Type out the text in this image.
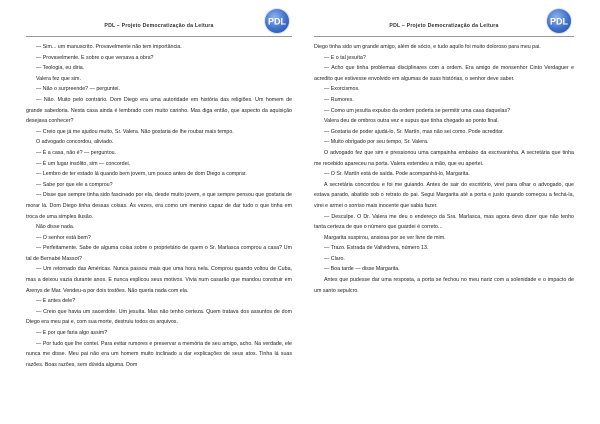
PDL – Projeto Democratização da Leitura	PDL

— Sim... um manuscrito. Provavelmente não tem importância.

— Provavelmente. E sobre o que versava a obra?

— Teologia, eu diria.

Valera fez que sim.

— Não o surpreende? — perguntei.

— Não. Muito pelo contrário. Dom Diego era uma autoridade em história das religiões. Um homem de grande sabedoria. Nesta casa ainda é lembrado com muito carinho. Mas diga então, que aspecto da aquisição desejava conhecer?

— Creio que já me ajudou muito, Sr. Valera. Não gostaria de lhe roubar mais tempo.

O advogado concordou, aliviado.

— É a casa, não é? — perguntou.

— É um lugar insólito, sim — concordei.

— Lembro de ter estado lá quando bem jovem, um pouco antes de dom Diego a comprar.

— Sabe por que ele a comprou?

— Disse que sempre tinha sido fascinado por ela, desde muito jovem, e que sempre pensou que gostaria de morar lá. Dom Diego tinha dessas coisas. Às vezes, era como um menino capaz de dar tudo o que tinha em troca de uma simples ilusão.

Não disse nada.

— O senhor está bem?

— Perfeitamente. Sabe de alguma coisa sobre o proprietário de quem o Sr. Marlasca comprou a casa? Um tal de Bernabé Massot?

— Um retornado das Américas. Nunca passou mais que uma hora nela. Comprou quando voltou de Cuba, mas a deixou vazia durante anos. E nunca explicou seus motivos. Vivia num casarão que mandou construir em Arenys de Mar. Vendeu-a por dois tostões. Não queria nada com ela.

— E antes dele?

— Creio que havia um sacerdote. Um jesuíta. Mas não tenho certeza. Quem tratava dos assuntos de dom Diego era meu pai e, com sua morte, destruiu todos os arquivos.

— E por que faria algo assim?

— Por tudo que lhe contei. Para evitar rumores e preservar a memória de seu amigo, acho. Na verdade, ele nunca me disse. Meu pai não era um homem muito inclinado a dar explicações de seus atos. Tinha lá suas razões. Boas razões, sem dúvida alguma. Dom

PDL – Projeto Democratização da Leitura	PDL

Diego tinha sido um grande amigo, além de sócio, e tudo aquilo foi muito doloroso para meu pai.

— E o tal jesuíta?

— Acho que tinha problemas disciplinares com a ordem. Era amigo de monsenhor Cinto Verdaguer e acredito que estivesse envolvido em algumas de suas histórias, o senhor deve saber.

— Exorcismos.

— Rumores.

— Como um jesuíta expulso da ordem poderia se permitir uma casa daquelas?

Valera deu de ombros outra vez e supus que tinha chegado ao ponto final.

— Gostaria de poder ajudá-lo, Sr. Martín, mas não sei como. Pode acreditar.

— Muito obrigado por seu tempo, Sr. Valera.

O advogado fez que sim e pressionou uma campainha embaixo da escrivaninha. A secretária que tinha me recebido apareceu na porta. Valera estendeu a mão, que eu apertei.

— O Sr. Martín está de saída. Pode acompanhá-lo, Margarita.

A secretária concordou e foi me guiando. Antes de sair do escritório, virei para olhar o advogado, que estava parado, abatido sob o retrato do pai. Segui Margarita até a porta e justo quando começou a fechá-la, virei e armei o sorriso mais inocente que sabia fazer.

— Desculpe. O Dr. Valera me deu o endereço da Sra. Marlasca, mas agora devo dizer que não tenho tanta certeza de que o número que guardei é correto...

Margarita suspirou, ansiosa por se ver livre de mim.

— Trazo. Estrada de Vallvidrera, número 13.

— Claro.

— Boa tarde — disse Margarita.

Antes que pudesse dar uma resposta, a porta se fechou no meu nariz com a solenidade e o impacto de um santo sepulcro.
